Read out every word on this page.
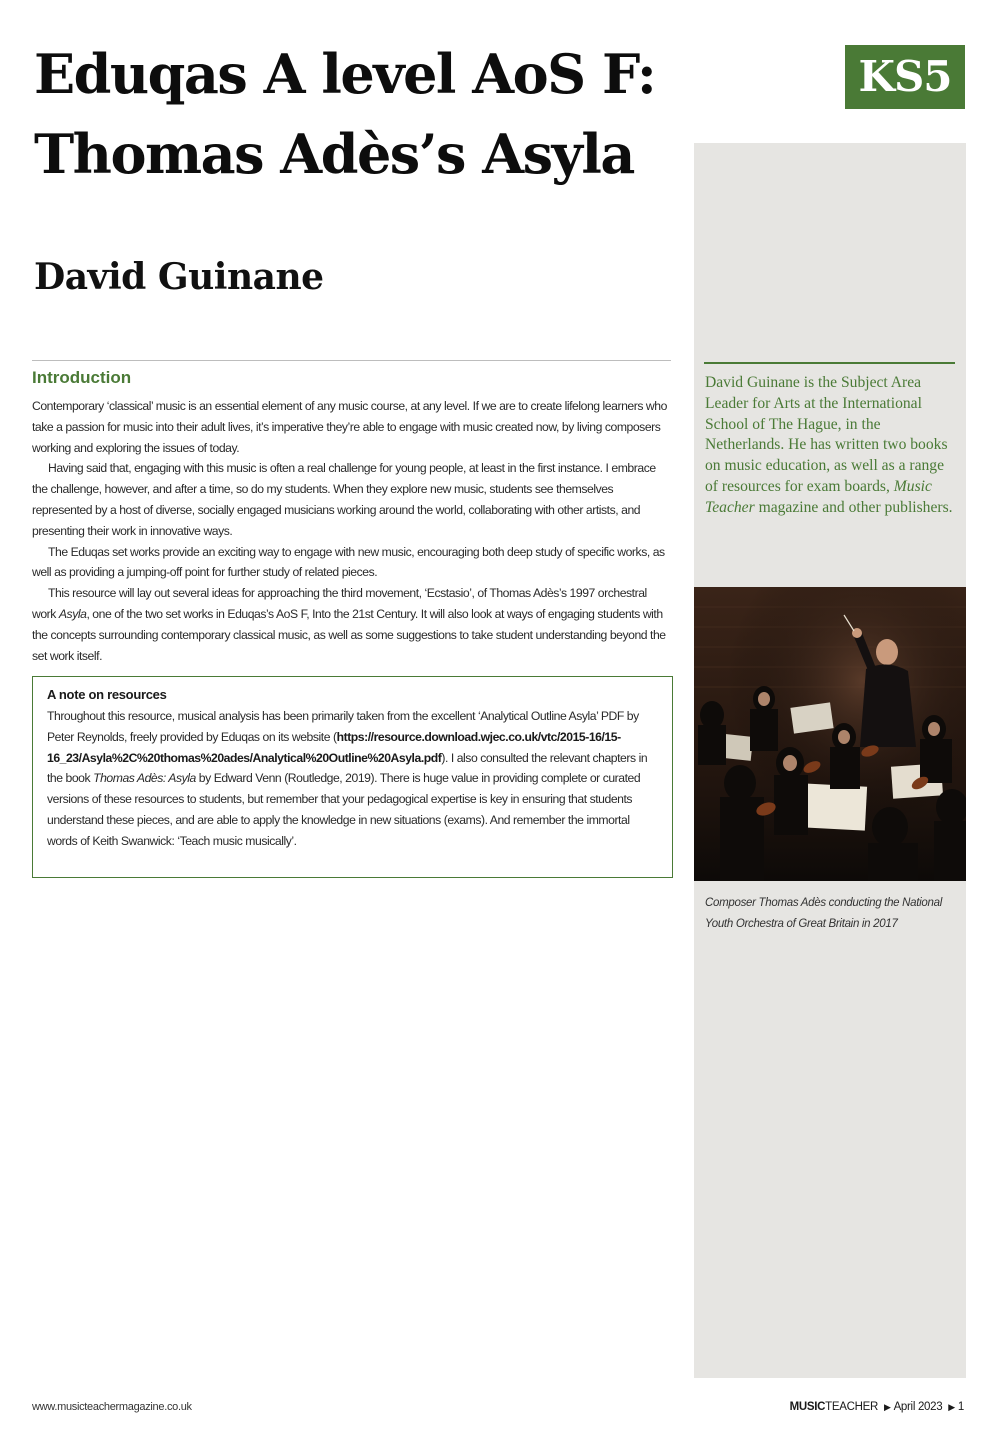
Eduqas A level AoS F:
Thomas Adès’s Asyla
David Guinane
KS5

David Guinane is the Subject Area Leader for Arts at the International School of The Hague, in the Netherlands. He has written two books on music education, as well as a range of resources for exam boards, Music Teacher magazine and other publishers.

Composer Thomas Adès conducting the National Youth Orchestra of Great Britain in 2017

Introduction

Contemporary ‘classical’ music is an essential element of any music course, at any level. If we are to create lifelong learners who take a passion for music into their adult lives, it’s imperative they’re able to engage with music created now, by living composers working and exploring the issues of today.

Having said that, engaging with this music is often a real challenge for young people, at least in the first instance. I embrace the challenge, however, and after a time, so do my students. When they explore new music, students see themselves represented by a host of diverse, socially engaged musicians working around the world, collaborating with other artists, and presenting their work in innovative ways.

The Eduqas set works provide an exciting way to engage with new music, encouraging both deep study of specific works, as well as providing a jumping-off point for further study of related pieces.

This resource will lay out several ideas for approaching the third movement, ‘Ecstasio’, of Thomas Adès’s 1997 orchestral work Asyla, one of the two set works in Eduqas’s AoS F, Into the 21st Century. It will also look at ways of engaging students with the concepts surrounding contemporary classical music, as well as some suggestions to take student understanding beyond the set work itself.

A note on resources

Throughout this resource, musical analysis has been primarily taken from the excellent ‘Analytical Outline Asyla’ PDF by Peter Reynolds, freely provided by Eduqas on its website (https://resource.download.wjec.co.uk/vtc/2015-16/15-16_23/Asyla%2C%20thomas%20ades/Analytical%20Outline%20Asyla.pdf). I also consulted the relevant chapters in the book Thomas Adès: Asyla by Edward Venn (Routledge, 2019). There is huge value in providing complete or curated versions of these resources to students, but remember that your pedagogical expertise is key in ensuring that students understand these pieces, and are able to apply the knowledge in new situations (exams). And remember the immortal words of Keith Swanwick: ‘Teach music musically’.

www.musicteachermagazine.co.uk	MUSICTEACHER ▶ April 2023 ▶ 1
